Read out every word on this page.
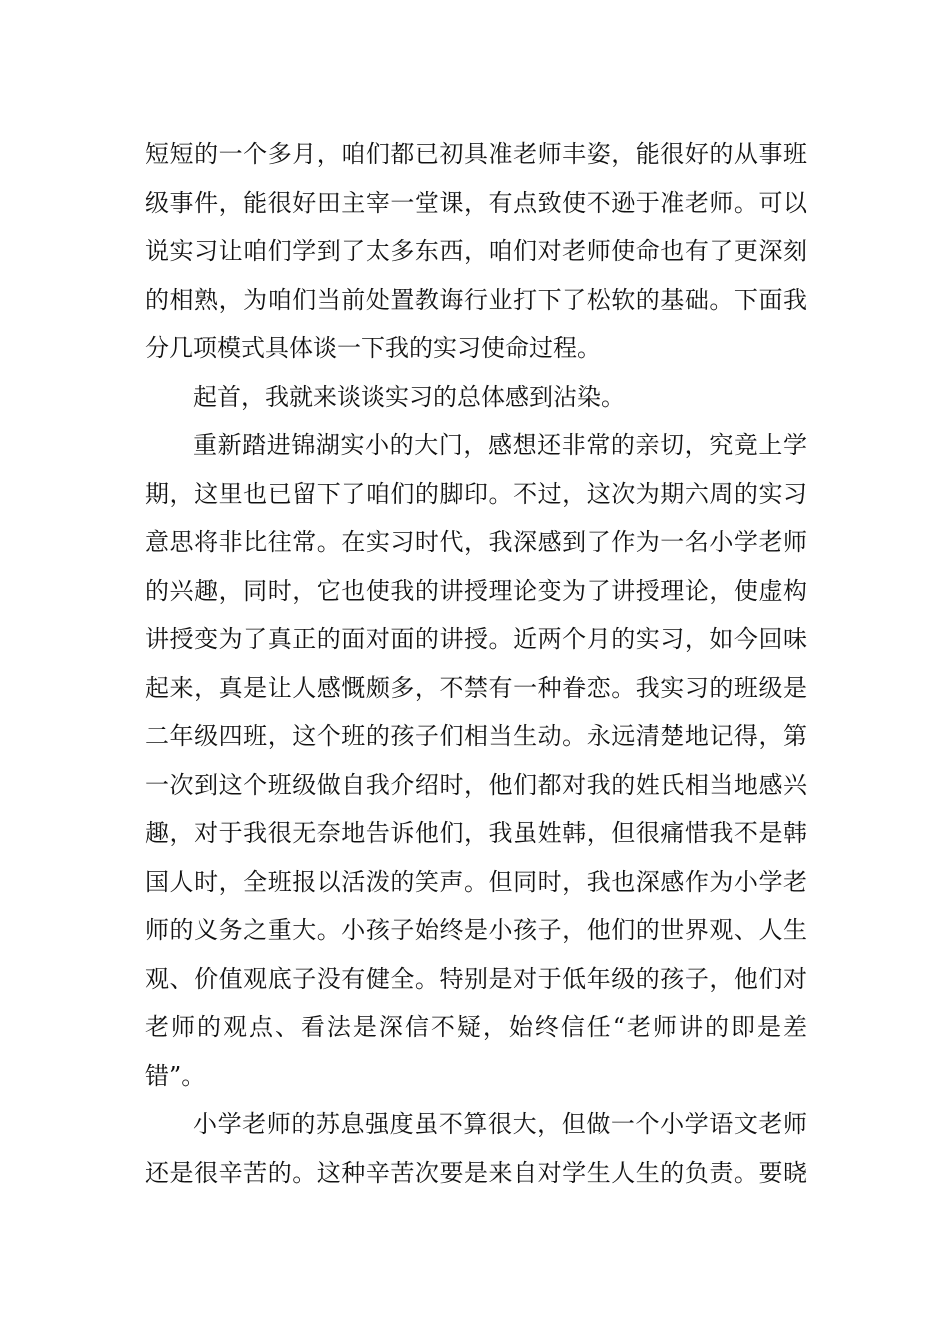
短短的一个多月，咱们都已初具准老师丰姿，能很好的从事班
级事件，能很好田主宰一堂课，有点致使不逊于准老师。可以
说实习让咱们学到了太多东西，咱们对老师使命也有了更深刻
的相熟，为咱们当前处置教诲行业打下了松软的基础。下面我
分几项模式具体谈一下我的实习使命过程。
起首，我就来谈谈实习的总体感到沾染。
重新踏进锦湖实小的大门，感想还非常的亲切，究竟上学
期，这里也已留下了咱们的脚印。不过，这次为期六周的实习
意思将非比往常。在实习时代，我深感到了作为一名小学老师
的兴趣，同时，它也使我的讲授理论变为了讲授理论，使虚构
讲授变为了真正的面对面的讲授。近两个月的实习，如今回味
起来，真是让人感慨颇多，不禁有一种眷恋。我实习的班级是
二年级四班，这个班的孩子们相当生动。永远清楚地记得，第
一次到这个班级做自我介绍时，他们都对我的姓氏相当地感兴
趣，对于我很无奈地告诉他们，我虽姓韩，但很痛惜我不是韩
国人时，全班报以活泼的笑声。但同时，我也深感作为小学老
师的义务之重大。小孩子始终是小孩子，他们的世界观、人生
观、价值观底子没有健全。特别是对于低年级的孩子，他们对
老师的观点、看法是深信不疑，始终信任“老师讲的即是差
错”。
小学老师的苏息强度虽不算很大，但做一个小学语文老师
还是很辛苦的。这种辛苦次要是来自对学生人生的负责。要晓
